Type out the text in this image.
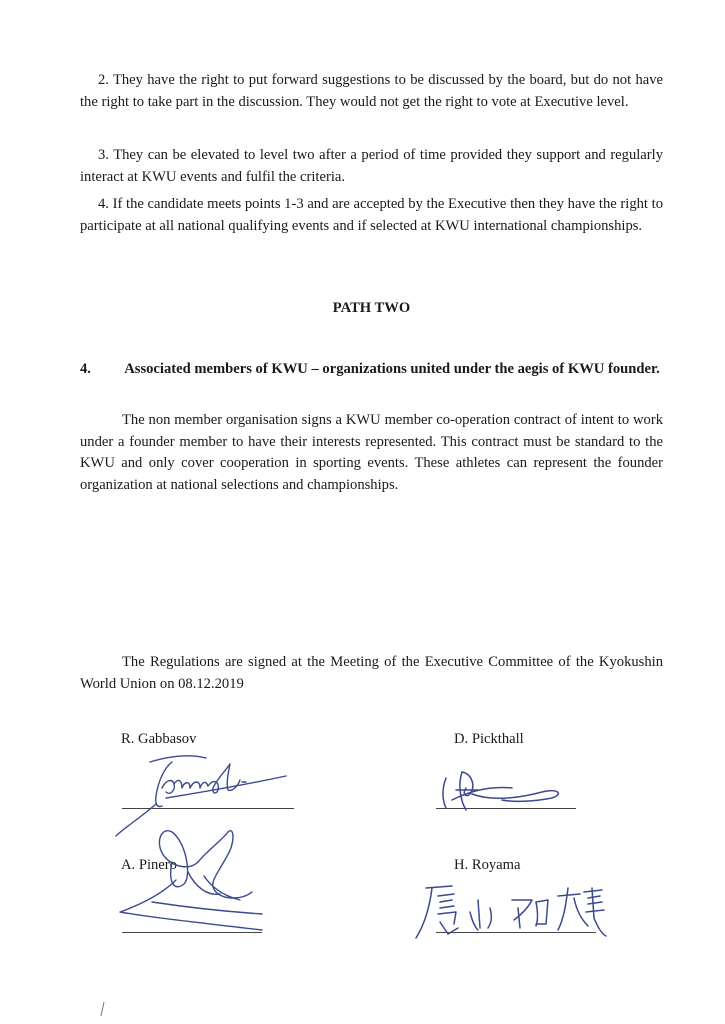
2. They have the right to put forward suggestions to be discussed by the board, but do not have the right to take part in the discussion. They would not get the right to vote at Executive level.

3. They can be elevated to level two after a period of time provided they support and regularly interact at KWU events and fulfil the criteria.

4. If the candidate meets points 1-3 and are accepted by the Executive then they have the right to participate at all national qualifying events and if selected at KWU international championships.

PATH TWO

4.	Associated members of KWU – organizations united under the aegis of KWU founder.

The non member organisation signs a KWU member co-operation contract of intent to work under a founder member to have their interests represented. This contract must be standard to the KWU and only cover cooperation in sporting events. These athletes can represent the founder organization at national selections and championships.

The Regulations are signed at the Meeting of the Executive Committee of the Kyokushin World Union on 08.12.2019

R. Gabbasov	D. Pickthall

A. Pinero	H. Royama
